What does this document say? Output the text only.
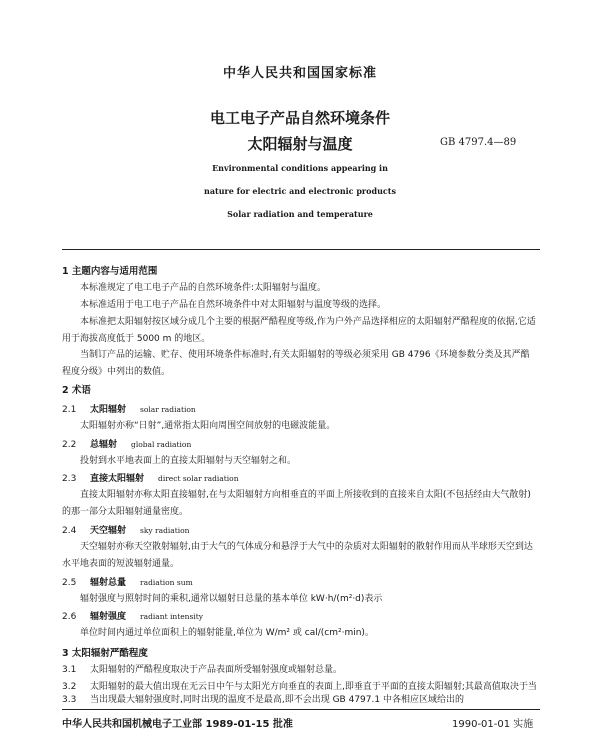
中华人民共和国国家标准
电工电子产品自然环境条件
太阳辐射与温度	GB 4797.4—89
Environmental conditions appearing in
nature for electric and electronic products
Solar radiation and temperature
1 主题内容与适用范围
本标准规定了电工电子产品的自然环境条件:太阳辐射与温度。
本标准适用于电工电子产品在自然环境条件中对太阳辐射与温度等级的选择。
本标准把太阳辐射按区域分成几个主要的根据严酷程度等级,作为户外产品选择相应的太阳辐射严酷程度的依据,它适用于海拔高度低于 5000 m 的地区。
当制订产品的运输、贮存、使用环境条件标准时,有关太阳辐射的等级必须采用 GB 4796《环境参数分类及其严酷程度分级》中列出的数值。
2 术语
2.1 太阳辐射 solar radiation
太阳辐射亦称“日射”,通常指太阳向周围空间放射的电磁波能量。
2.2 总辐射 global radiation
投射到水平地表面上的直接太阳辐射与天空辐射之和。
2.3 直接太阳辐射 direct solar radiation
直接太阳辐射亦称太阳直接辐射,在与太阳辐射方向相垂直的平面上所接收到的直接来自太阳(不包括经由大气散射)的那一部分太阳辐射通量密度。
2.4 天空辐射 sky radiation
天空辐射亦称天空散射辐射,由于大气的气体成分和悬浮于大气中的杂质对太阳辐射的散射作用而从半球形天空到达水平地表面的短波辐射通量。
2.5 辐射总量 radiation sum
辐射强度与照射时间的乘积,通常以辐射日总量的基本单位 kW·h/(m²·d)表示
2.6 辐射强度 radiant intensity
单位时间内通过单位面积上的辐射能量,单位为 W/m² 或 cal/(cm²·min)。
3 太阳辐射严酷程度
3.1 太阳辐射的严酷程度取决于产品表面所受辐射强度或辐射总量。
3.2 太阳辐射的最大值出现在无云日中午与太阳光方向垂直的表面上,即垂直于平面的直接太阳辐射;其最高值取决于当
3.3 当出现最大辐射强度时,同时出现的温度不是最高,即不会出现 GB 4797.1 中各相应区域给出的
中华人民共和国机械电子工业部 1989-01-15 批准	1990-01-01 实施
